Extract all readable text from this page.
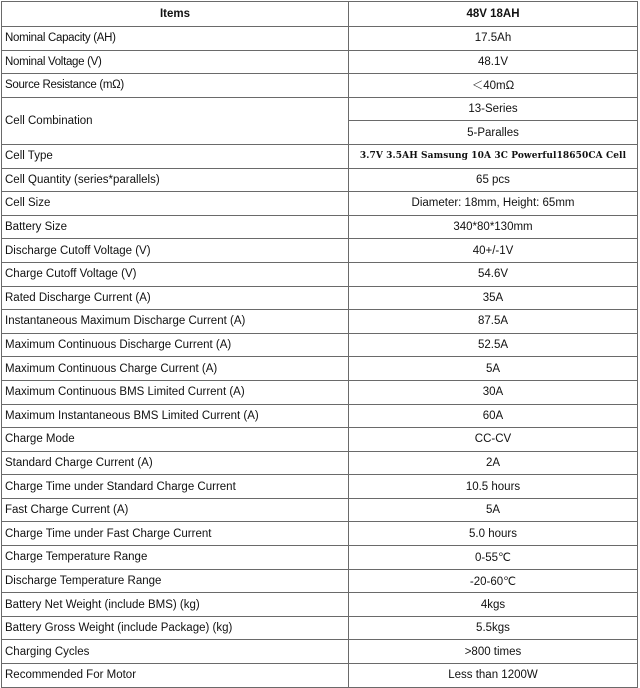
Items	48V 18AH
Nominal Capacity (AH)	17.5Ah
Nominal Voltage (V)	48.1V
Source Resistance (mΩ)	＜40mΩ
Cell Combination	13-Series
	5-Paralles
Cell Type	3.7V 3.5AH Samsung 10A 3C Powerful18650CA Cell
Cell Quantity (series*parallels)	65 pcs
Cell Size	Diameter: 18mm, Height: 65mm
Battery Size	340*80*130mm
Discharge Cutoff Voltage (V)	40+/-1V
Charge Cutoff Voltage (V)	54.6V
Rated Discharge Current (A)	35A
Instantaneous Maximum Discharge Current (A)	87.5A
Maximum Continuous Discharge Current (A)	52.5A
Maximum Continuous Charge Current (A)	5A
Maximum Continuous BMS Limited Current (A)	30A
Maximum Instantaneous BMS Limited Current (A)	60A
Charge Mode	CC-CV
Standard Charge Current (A)	2A
Charge Time under Standard Charge Current	10.5 hours
Fast Charge Current (A)	5A
Charge Time under Fast Charge Current	5.0 hours
Charge Temperature Range	0-55℃
Discharge Temperature Range	-20-60℃
Battery Net Weight (include BMS) (kg)	4kgs
Battery Gross Weight (include Package) (kg)	5.5kgs
Charging Cycles	>800 times
Recommended For Motor	Less than 1200W
